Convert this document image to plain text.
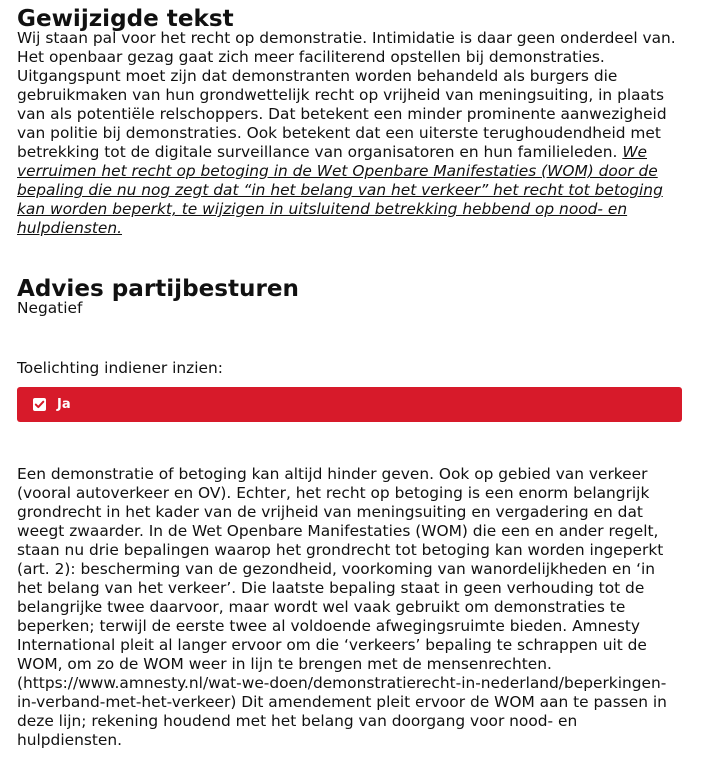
Gewijzigde tekst

Wij staan pal voor het recht op demonstratie. Intimidatie is daar geen onderdeel van. Het openbaar gezag gaat zich meer faciliterend opstellen bij demonstraties. Uitgangspunt moet zijn dat demonstranten worden behandeld als burgers die gebruikmaken van hun grondwettelijk recht op vrijheid van meningsuiting, in plaats van als potentiële relschoppers. Dat betekent een minder prominente aanwezigheid van politie bij demonstraties. Ook betekent dat een uiterste terughoudendheid met betrekking tot de digitale surveillance van organisatoren en hun familieleden. We verruimen het recht op betoging in de Wet Openbare Manifestaties (WOM) door de bepaling die nu nog zegt dat “in het belang van het verkeer” het recht tot betoging kan worden beperkt, te wijzigen in uitsluitend betrekking hebbend op nood- en hulpdiensten.

Advies partijbesturen

Negatief

Toelichting indiener inzien:

Ja

Een demonstratie of betoging kan altijd hinder geven. Ook op gebied van verkeer (vooral autoverkeer en OV). Echter, het recht op betoging is een enorm belangrijk grondrecht in het kader van de vrijheid van meningsuiting en vergadering en dat weegt zwaarder. In de Wet Openbare Manifestaties (WOM) die een en ander regelt, staan nu drie bepalingen waarop het grondrecht tot betoging kan worden ingeperkt (art. 2): bescherming van de gezondheid, voorkoming van wanordelijkheden en ‘in het belang van het verkeer’. Die laatste bepaling staat in geen verhouding tot de belangrijke twee daarvoor, maar wordt wel vaak gebruikt om demonstraties te beperken; terwijl de eerste twee al voldoende afwegingsruimte bieden. Amnesty International pleit al langer ervoor om die ‘verkeers’ bepaling te schrappen uit de WOM, om zo de WOM weer in lijn te brengen met de mensenrechten. (https://www.amnesty.nl/wat-we-doen/demonstratierecht-in-nederland/beperkingen-in-verband-met-het-verkeer) Dit amendement pleit ervoor de WOM aan te passen in deze lijn; rekening houdend met het belang van doorgang voor nood- en hulpdiensten.
